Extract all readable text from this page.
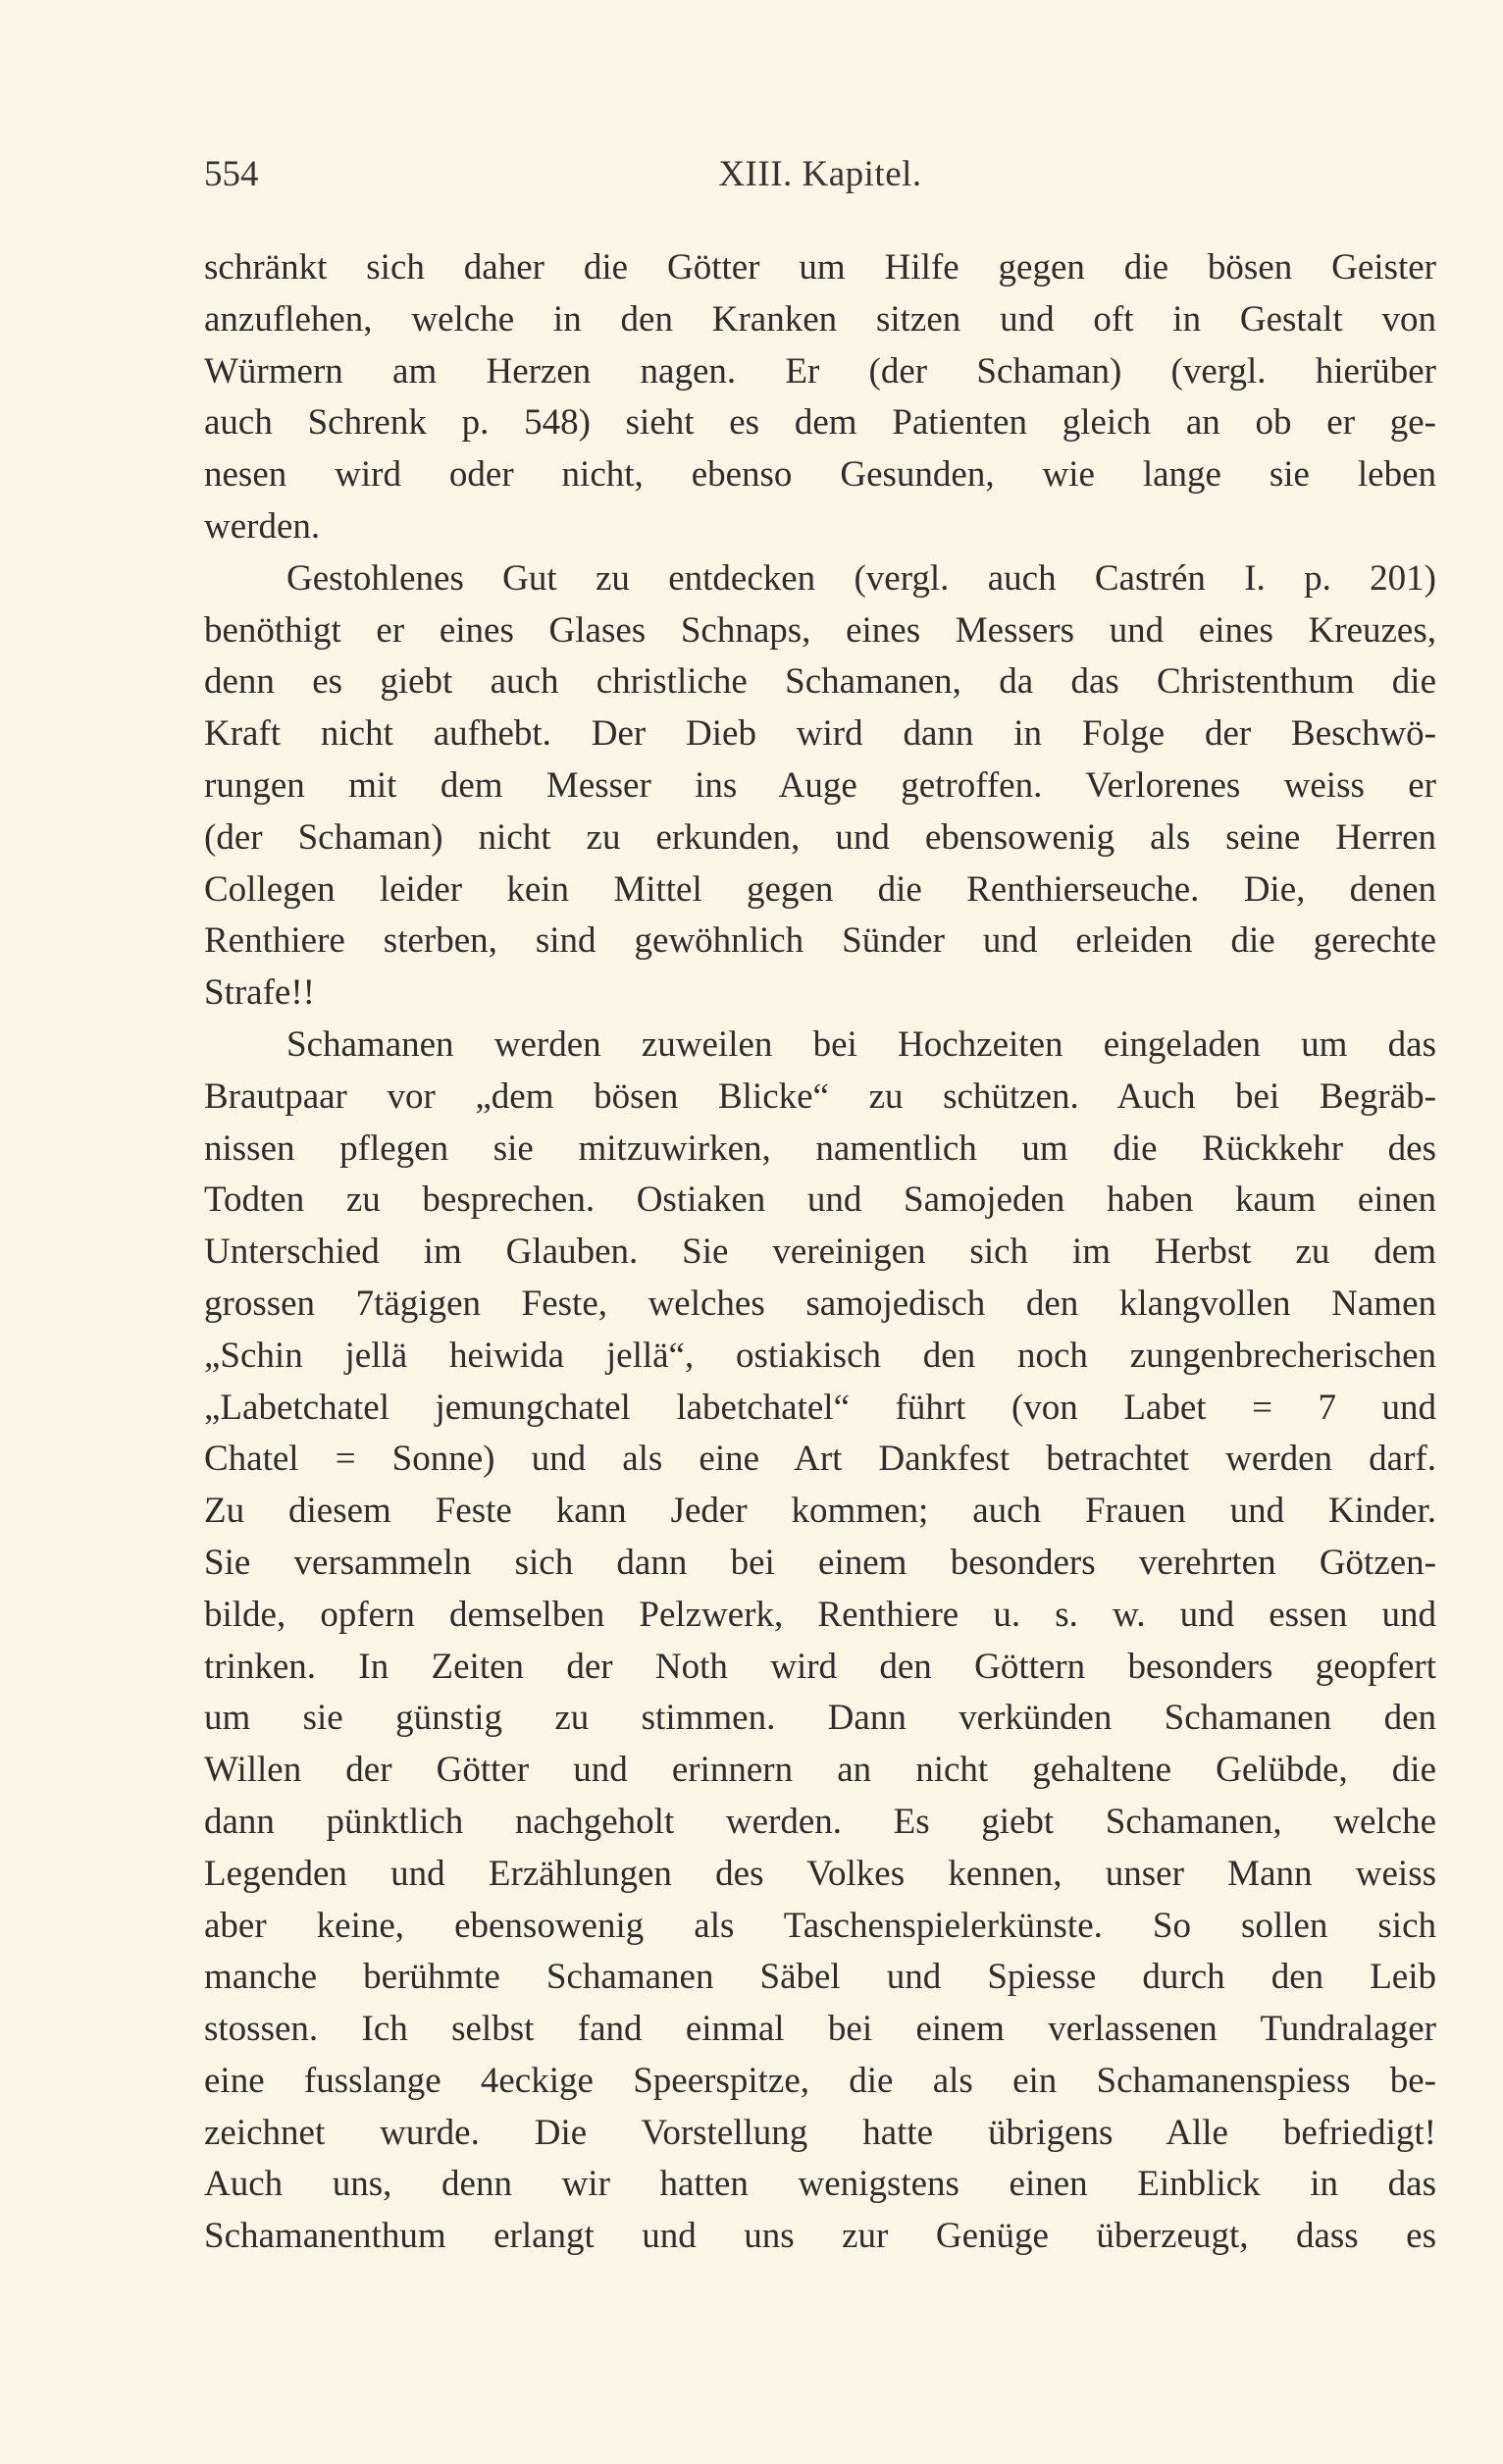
554	XIII. Kapitel.
schränkt sich daher die Götter um Hilfe gegen die bösen Geister
anzuflehen, welche in den Kranken sitzen und oft in Gestalt von
Würmern am Herzen nagen. Er (der Schaman) (vergl. hierüber
auch Schrenk p. 548) sieht es dem Patienten gleich an ob er ge-
nesen wird oder nicht, ebenso Gesunden, wie lange sie leben
werden.
Gestohlenes Gut zu entdecken (vergl. auch Castrén I. p. 201)
benöthigt er eines Glases Schnaps, eines Messers und eines Kreuzes,
denn es giebt auch christliche Schamanen, da das Christenthum die
Kraft nicht aufhebt. Der Dieb wird dann in Folge der Beschwö-
rungen mit dem Messer ins Auge getroffen. Verlorenes weiss er
(der Schaman) nicht zu erkunden, und ebensowenig als seine Herren
Collegen leider kein Mittel gegen die Renthierseuche. Die, denen
Renthiere sterben, sind gewöhnlich Sünder und erleiden die gerechte
Strafe!!
Schamanen werden zuweilen bei Hochzeiten eingeladen um das
Brautpaar vor „dem bösen Blicke“ zu schützen. Auch bei Begräb-
nissen pflegen sie mitzuwirken, namentlich um die Rückkehr des
Todten zu besprechen. Ostiaken und Samojeden haben kaum einen
Unterschied im Glauben. Sie vereinigen sich im Herbst zu dem
grossen 7tägigen Feste, welches samojedisch den klangvollen Namen
„Schin jellä heiwida jellä“, ostiakisch den noch zungenbrecherischen
„Labetchatel jemungchatel labetchatel“ führt (von Labet = 7 und
Chatel = Sonne) und als eine Art Dankfest betrachtet werden darf.
Zu diesem Feste kann Jeder kommen; auch Frauen und Kinder.
Sie versammeln sich dann bei einem besonders verehrten Götzen-
bilde, opfern demselben Pelzwerk, Renthiere u. s. w. und essen und
trinken. In Zeiten der Noth wird den Göttern besonders geopfert
um sie günstig zu stimmen. Dann verkünden Schamanen den
Willen der Götter und erinnern an nicht gehaltene Gelübde, die
dann pünktlich nachgeholt werden. Es giebt Schamanen, welche
Legenden und Erzählungen des Volkes kennen, unser Mann weiss
aber keine, ebensowenig als Taschenspielerkünste. So sollen sich
manche berühmte Schamanen Säbel und Spiesse durch den Leib
stossen. Ich selbst fand einmal bei einem verlassenen Tundralager
eine fusslange 4eckige Speerspitze, die als ein Schamanenspiess be-
zeichnet wurde. Die Vorstellung hatte übrigens Alle befriedigt!
Auch uns, denn wir hatten wenigstens einen Einblick in das
Schamanenthum erlangt und uns zur Genüge überzeugt, dass es
